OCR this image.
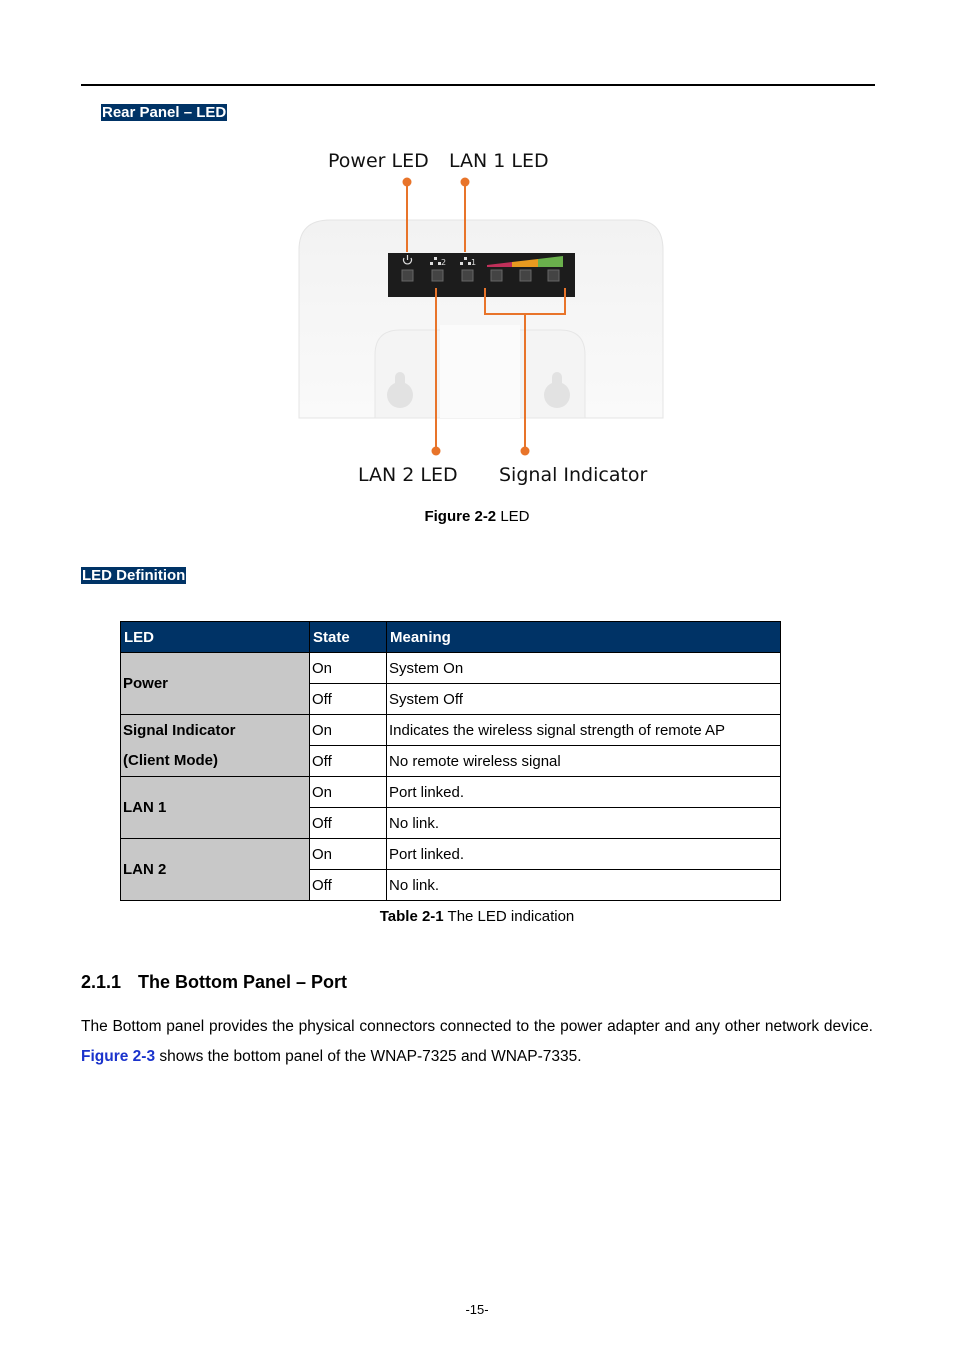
Rear Panel – LED
2	1
Power LED LAN 1 LED
LAN 2 LED Signal Indicator
Figure 2-2 LED
LED Definition
LED	State	Meaning
Power	On	System On
	Off	System Off
Signal Indicator	On	Indicates the wireless signal strength of remote AP
(Client Mode)	Off	No remote wireless signal
LAN 1	On	Port linked.
	Off	No link.
LAN 2	On	Port linked.
	Off	No link.
Table 2-1 The LED indication
2.1.1 The Bottom Panel – Port
The Bottom panel provides the physical connectors connected to the power adapter and any other network device. Figure 2-3 shows the bottom panel of the WNAP-7325 and WNAP-7335.
-15-
